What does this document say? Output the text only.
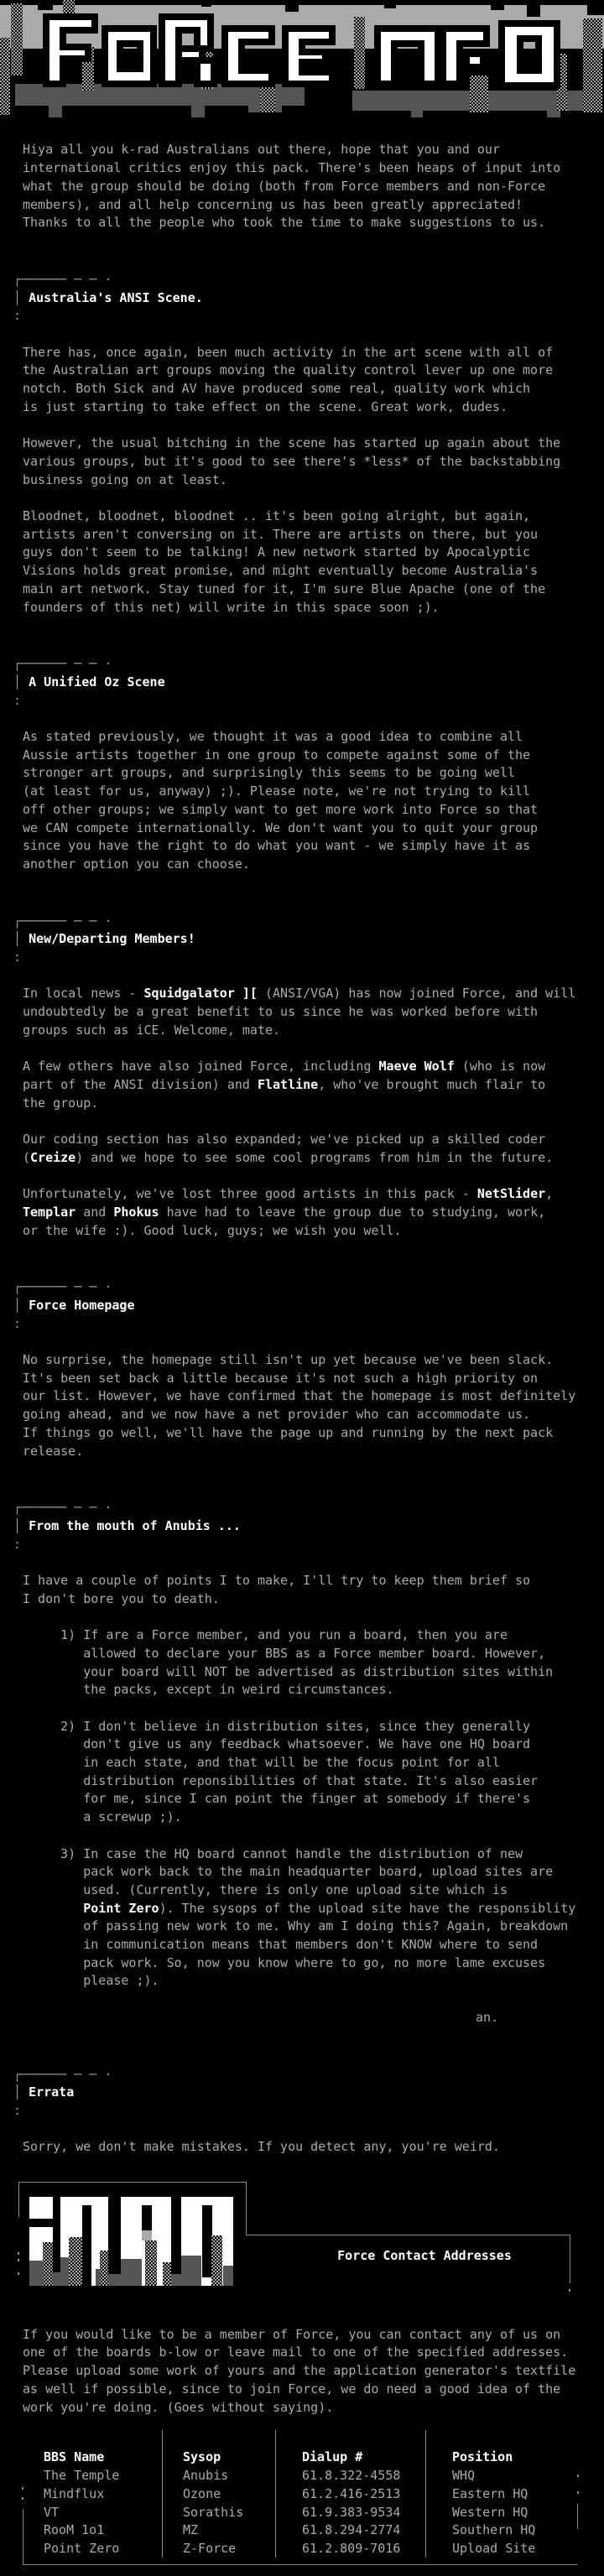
Hiya all you k-rad Australians out there, hope that you and our
international critics enjoy this pack. There's been heaps of input into
what the group should be doing (both from Force members and non-Force
members), and all help concerning us has been greatly appreciated!
Thanks to all the people who took the time to make suggestions to us.
┌────── ─ ─ ·
│ Australia's ANSI Scene.
:
There has, once again, been much activity in the art scene with all of
the Australian art groups moving the quality control lever up one more
notch. Both Sick and AV have produced some real, quality work which
is just starting to take effect on the scene. Great work, dudes.
However, the usual bitching in the scene has started up again about the
various groups, but it's good to see there's *less* of the backstabbing
business going on at least.
Bloodnet, bloodnet, bloodnet .. it's been going alright, but again,
artists aren't conversing on it. There are artists on there, but you
guys don't seem to be talking! A new network started by Apocalyptic
Visions holds great promise, and might eventually become Australia's
main art network. Stay tuned for it, I'm sure Blue Apache (one of the
founders of this net) will write in this space soon ;).
┌────── ─ ─ ·
│ A Unified Oz Scene
:
As stated previously, we thought it was a good idea to combine all
Aussie artists together in one group to compete against some of the
stronger art groups, and surprisingly this seems to be going well
(at least for us, anyway) ;). Please note, we're not trying to kill
off other groups; we simply want to get more work into Force so that
we CAN compete internationally. We don't want you to quit your group
since you have the right to do what you want - we simply have it as
another option you can choose.
┌────── ─ ─ ·
│ New/Departing Members!
:
In local news - Squidgalator ][ (ANSI/VGA) has now joined Force, and will
undoubtedly be a great benefit to us since he was worked before with
groups such as iCE. Welcome, mate.
A few others have also joined Force, including Maeve Wolf (who is now
part of the ANSI division) and Flatline, who've brought much flair to
the group.
Our coding section has also expanded; we've picked up a skilled coder
(Creize) and we hope to see some cool programs from him in the future.
Unfortunately, we've lost three good artists in this pack - NetSlider,
Templar and Phokus have had to leave the group due to studying, work,
or the wife :). Good luck, guys; we wish you well.
┌────── ─ ─ ·
│ Force Homepage
:
No surprise, the homepage still isn't up yet because we've been slack.
It's been set back a little because it's not such a high priority on
our list. However, we have confirmed that the homepage is most definitely
going ahead, and we now have a net provider who can accommodate us.
If things go well, we'll have the page up and running by the next pack
release.
┌────── ─ ─ ·
│ From the mouth of Anubis ...
:
I have a couple of points I to make, I'll try to keep them brief so
I don't bore you to death.
1) If are a Force member, and you run a board, then you are
allowed to declare your BBS as a Force member board. However,
your board will NOT be advertised as distribution sites within
the packs, except in weird circumstances.
2) I don't believe in distribution sites, since they generally
don't give us any feedback whatsoever. We have one HQ board
in each state, and that will be the focus point for all
distribution reponsibilities of that state. It's also easier
for me, since I can point the finger at somebody if there's
a screwup ;).
3) In case the HQ board cannot handle the distribution of new
pack work back to the main headquarter board, upload sites are
used. (Currently, there is only one upload site which is
Point Zero). The sysops of the upload site have the responsiblity
of passing new work to me. Why am I doing this? Again, breakdown
in communication means that members don't KNOW where to send
pack work. So, now you know where to go, no more lame excuses
please ;).
an.
┌────── ─ ─ ·
│ Errata
:
Sorry, we don't make mistakes. If you detect any, you're weird.
Force Contact Addresses
If you would like to be a member of Force, you can contact any of us on
one of the boards b-low or leave mail to one of the specified addresses.
Please upload some work of yours and the application generator's textfile
as well if possible, since to join Force, we do need a good idea of the
work you're doing. (Goes without saying).
BBS Name	Sysop	Dialup #	Position
The Temple	Anubis	61.8.322-4558	WHQ
Mindflux	Ozone	61.2.416-2513	Eastern HQ
VT	Sorathis	61.9.383-9534	Western HQ
RooM 1o1	MZ	61.8.294-2774	Southern HQ
Point Zero	Z-Force	61.2.809-7016	Upload Site
